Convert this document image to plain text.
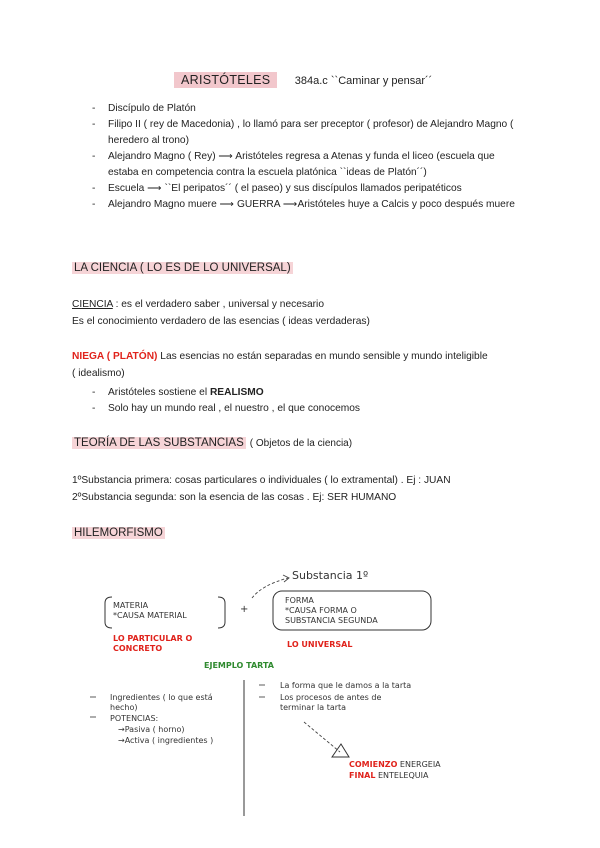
ARISTÓTELES 384a.c ``Caminar y pensar´´
- Discípulo de Platón
- Filipo II ( rey de Macedonia) , lo llamó para ser preceptor ( profesor) de Alejandro Magno ( heredero al trono)
- Alejandro Magno ( Rey) ⟶ Aristóteles regresa a Atenas y funda el liceo (escuela que estaba en competencia contra la escuela platónica ``ideas de Platón´´)
- Escuela ⟶ ``El peripatos´´ ( el paseo) y sus discípulos llamados peripatéticos
- Alejandro Magno muere ⟶ GUERRA ⟶Aristóteles huye a Calcis y poco después muere
LA CIENCIA ( LO ES DE LO UNIVERSAL)
CIENCIA : es el verdadero saber , universal y necesario
Es el conocimiento verdadero de las esencias ( ideas verdaderas)
NIEGA ( PLATÓN) Las esencias no están separadas en mundo sensible y mundo inteligible
( idealismo)
- Aristóteles sostiene el REALISMO
- Solo hay un mundo real , el nuestro , el que conocemos
TEORÍA DE LAS SUBSTANCIAS ( Objetos de la ciencia)
1ºSubstancia primera: cosas particulares o individuales ( lo extramental) . Ej : JUAN
2ºSubstancia segunda: son la esencia de las cosas . Ej: SER HUMANO
HILEMORFISMO
Substancia 1º
MATERIA
*CAUSA MATERIAL
+
FORMA
*CAUSA FORMA O
SUBSTANCIA SEGUNDA
LO PARTICULAR O
CONCRETO	LO UNIVERSAL
EJEMPLO TARTA
Ingredientes ( lo que está
hecho)
POTENCIAS:
→Pasiva ( horno)
→Activa ( ingredientes )
La forma que le damos a la tarta
Los procesos de antes de
terminar la tarta
COMIENZO ENERGEIA
FINAL ENTELEQUIA
